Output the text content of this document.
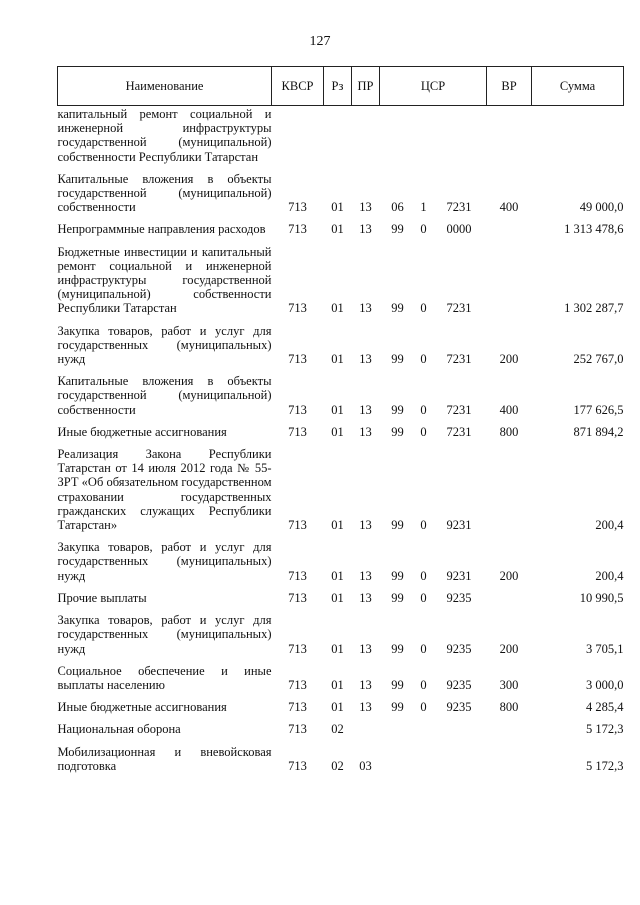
127
Наименование	КВСР	Рз	ПР	ЦСР			ВР	Сумма
капитальный ремонт социальной и инженерной инфраструктуры государственной (муниципальной) собственности Республики Татарстан								
Капитальные вложения в объекты государственной (муниципальной) собственности	713	01	13	06	1	7231	400	49 000,0
Непрограммные направления расходов	713	01	13	99	0	0000		1 313 478,6
Бюджетные инвестиции и капитальный ремонт социальной и инженерной инфраструктуры государственной (муниципальной) собственности Республики Татарстан	713	01	13	99	0	7231		1 302 287,7
Закупка товаров, работ и услуг для государственных (муниципальных) нужд	713	01	13	99	0	7231	200	252 767,0
Капитальные вложения в объекты государственной (муниципальной) собственности	713	01	13	99	0	7231	400	177 626,5
Иные бюджетные ассигнования	713	01	13	99	0	7231	800	871 894,2
Реализация Закона Республики Татарстан от 14 июля 2012 года № 55-ЗРТ «Об обязательном государственном страховании государственных гражданских служащих Республики Татарстан»	713	01	13	99	0	9231		200,4
Закупка товаров, работ и услуг для государственных (муниципальных) нужд	713	01	13	99	0	9231	200	200,4
Прочие выплаты	713	01	13	99	0	9235		10 990,5
Закупка товаров, работ и услуг для государственных (муниципальных) нужд	713	01	13	99	0	9235	200	3 705,1
Социальное обеспечение и иные выплаты населению	713	01	13	99	0	9235	300	3 000,0
Иные бюджетные ассигнования	713	01	13	99	0	9235	800	4 285,4
Национальная оборона	713	02						5 172,3
Мобилизационная и вневойсковая подготовка	713	02	03					5 172,3
